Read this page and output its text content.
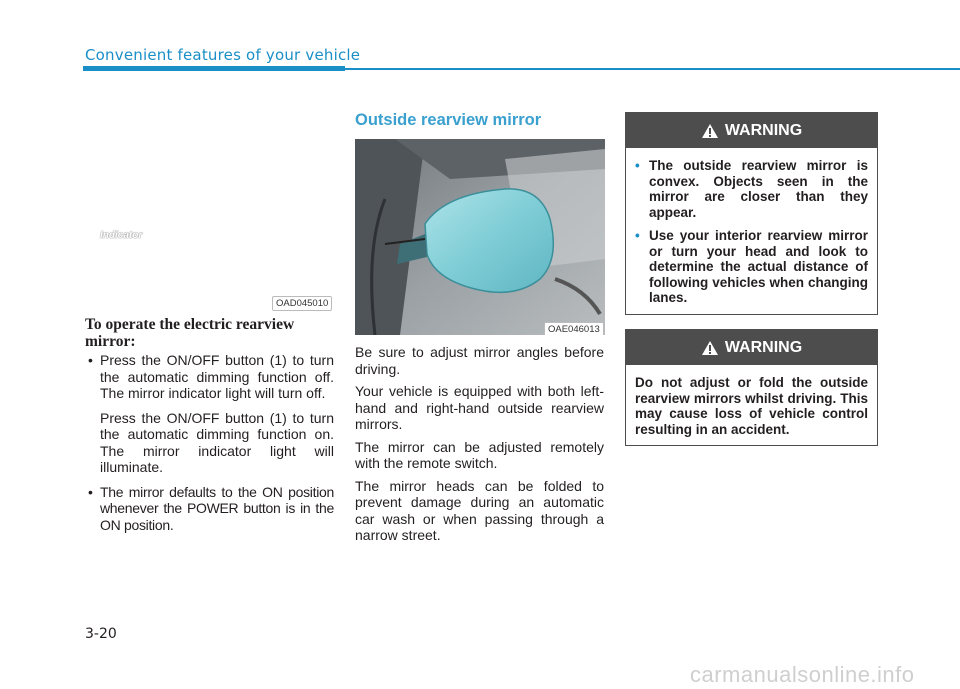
Convenient features of your vehicle
Indicator
OAD045010
To operate the electric rearview mirror:
• Press the ON/OFF button (1) to turn the automatic dimming function off. The mirror indicator light will turn off.

Press the ON/OFF button (1) to turn the automatic dimming function on. The mirror indicator light will illuminate.

• The mirror defaults to the ON position whenever the POWER button is in the ON position.

Outside rearview mirror
OAE046013

Be sure to adjust mirror angles before driving.

Your vehicle is equipped with both left-hand and right-hand outside rearview mirrors.

The mirror can be adjusted remotely with the remote switch.

The mirror heads can be folded to prevent damage during an automatic car wash or when passing through a narrow street.

WARNING
• The outside rearview mirror is convex. Objects seen in the mirror are closer than they appear.
• Use your interior rearview mirror or turn your head and look to determine the actual distance of following vehicles when changing lanes.
WARNING
Do not adjust or fold the outside rearview mirrors whilst driving. This may cause loss of vehicle control resulting in an accident.
3-20
carmanualsonline.info
